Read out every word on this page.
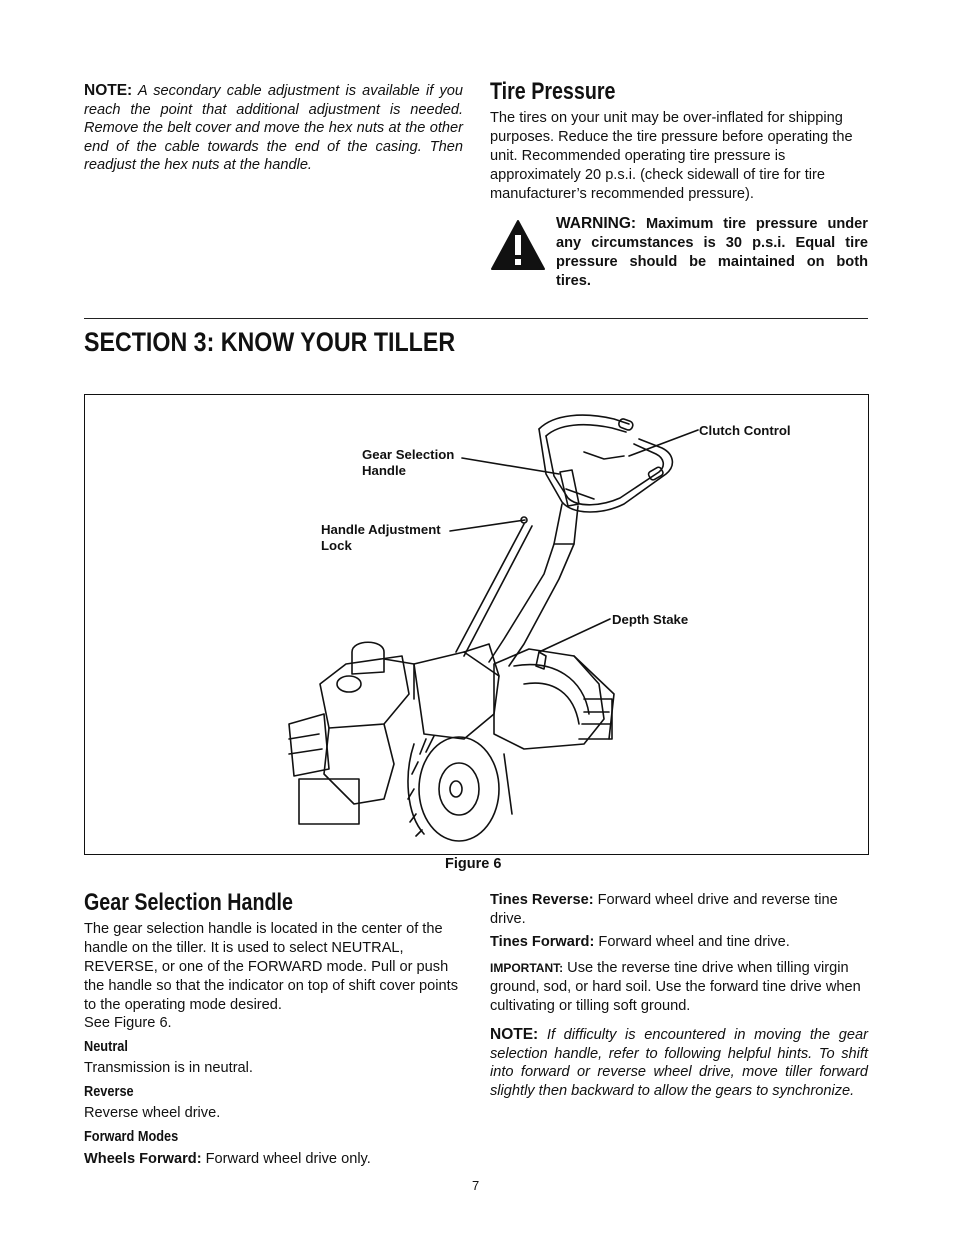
NOTE: A secondary cable adjustment is available if you reach the point that additional adjustment is needed. Remove the belt cover and move the hex nuts at the other end of the cable towards the end of the casing. Then readjust the hex nuts at the handle.
Tire Pressure
The tires on your unit may be over-inflated for shipping purposes. Reduce the tire pressure before operating the unit. Recommended operating tire pressure is approximately 20 p.s.i. (check sidewall of tire for tire manufacturer’s recommended pressure).
WARNING: Maximum tire pressure under any circumstances is 30 p.s.i. Equal tire pressure should be maintained on both tires.
SECTION 3: KNOW YOUR TILLER
Clutch Control
Gear Selection
Handle
Handle Adjustment
Lock
Depth Stake
Figure 6
Gear Selection Handle
The gear selection handle is located in the center of the handle on the tiller. It is used to select NEUTRAL, REVERSE, or one of the FORWARD mode. Pull or push the handle so that the indicator on top of shift cover points to the operating mode desired.
See Figure 6.
Neutral
Transmission is in neutral.
Reverse
Reverse wheel drive.
Forward Modes
Wheels Forward: Forward wheel drive only.
Tines Reverse: Forward wheel drive and reverse tine drive.
Tines Forward: Forward wheel and tine drive.
IMPORTANT: Use the reverse tine drive when tilling virgin ground, sod, or hard soil. Use the forward tine drive when cultivating or tilling soft ground.
NOTE: If difficulty is encountered in moving the gear selection handle, refer to following helpful hints. To shift into forward or reverse wheel drive, move tiller forward slightly then backward to allow the gears to synchronize.
7
